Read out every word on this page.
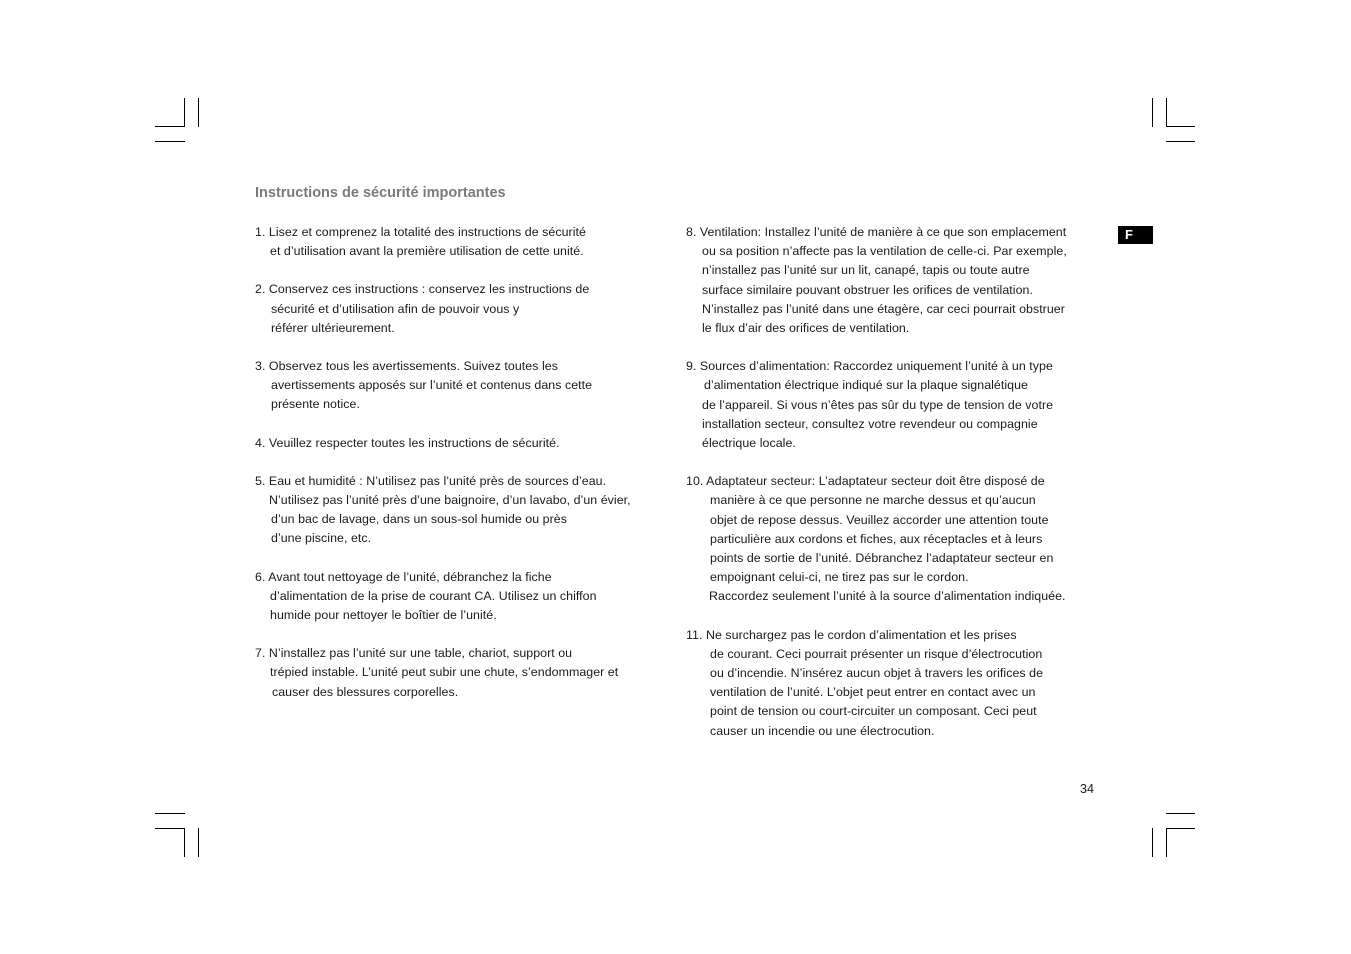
Instructions de sécurité importantes

1. Lisez et comprenez la totalité des instructions de sécurité
et d’utilisation avant la première utilisation de cette unité.

2. Conservez ces instructions : conservez les instructions de
sécurité et d’utilisation afin de pouvoir vous y
référer ultérieurement.

3. Observez tous les avertissements. Suivez toutes les
avertissements apposés sur l’unité et contenus dans cette
présente notice.

4. Veuillez respecter toutes les instructions de sécurité.

5. Eau et humidité : N’utilisez pas l’unité près de sources d’eau.
N’utilisez pas l’unité près d’une baignoire, d’un lavabo, d’un évier,
d’un bac de lavage, dans un sous-sol humide ou près
d’une piscine, etc.

6. Avant tout nettoyage de l’unité, débranchez la fiche
d’alimentation de la prise de courant CA. Utilisez un chiffon
humide pour nettoyer le boîtier de l’unité.

7. N’installez pas l’unité sur une table, chariot, support ou
trépied instable. L’unité peut subir une chute, s’endommager et
causer des blessures corporelles.

8. Ventilation: Installez l’unité de manière à ce que son emplacement
ou sa position n’affecte pas la ventilation de celle-ci. Par exemple,
n’installez pas l’unité sur un lit, canapé, tapis ou toute autre
surface similaire pouvant obstruer les orifices de ventilation.
N’installez pas l’unité dans une étagère, car ceci pourrait obstruer
le flux d’air des orifices de ventilation.

9. Sources d’alimentation: Raccordez uniquement l’unité à un type
d’alimentation électrique indiqué sur la plaque signalétique
de l’appareil. Si vous n’êtes pas sûr du type de tension de votre
installation secteur, consultez votre revendeur ou compagnie
électrique locale.

10. Adaptateur secteur: L’adaptateur secteur doit être disposé de
manière à ce que personne ne marche dessus et qu’aucun
objet de repose dessus. Veuillez accorder une attention toute
particulière aux cordons et fiches, aux réceptacles et à leurs
points de sortie de l’unité. Débranchez l’adaptateur secteur en
empoignant celui-ci, ne tirez pas sur le cordon.
Raccordez seulement l’unité à la source d’alimentation indiquée.

11. Ne surchargez pas le cordon d’alimentation et les prises
de courant. Ceci pourrait présenter un risque d’électrocution
ou d’incendie. N’insérez aucun objet à travers les orifices de
ventilation de l’unité. L’objet peut entrer en contact avec un
point de tension ou court-circuiter un composant. Ceci peut
causer un incendie ou une électrocution.

F
34
